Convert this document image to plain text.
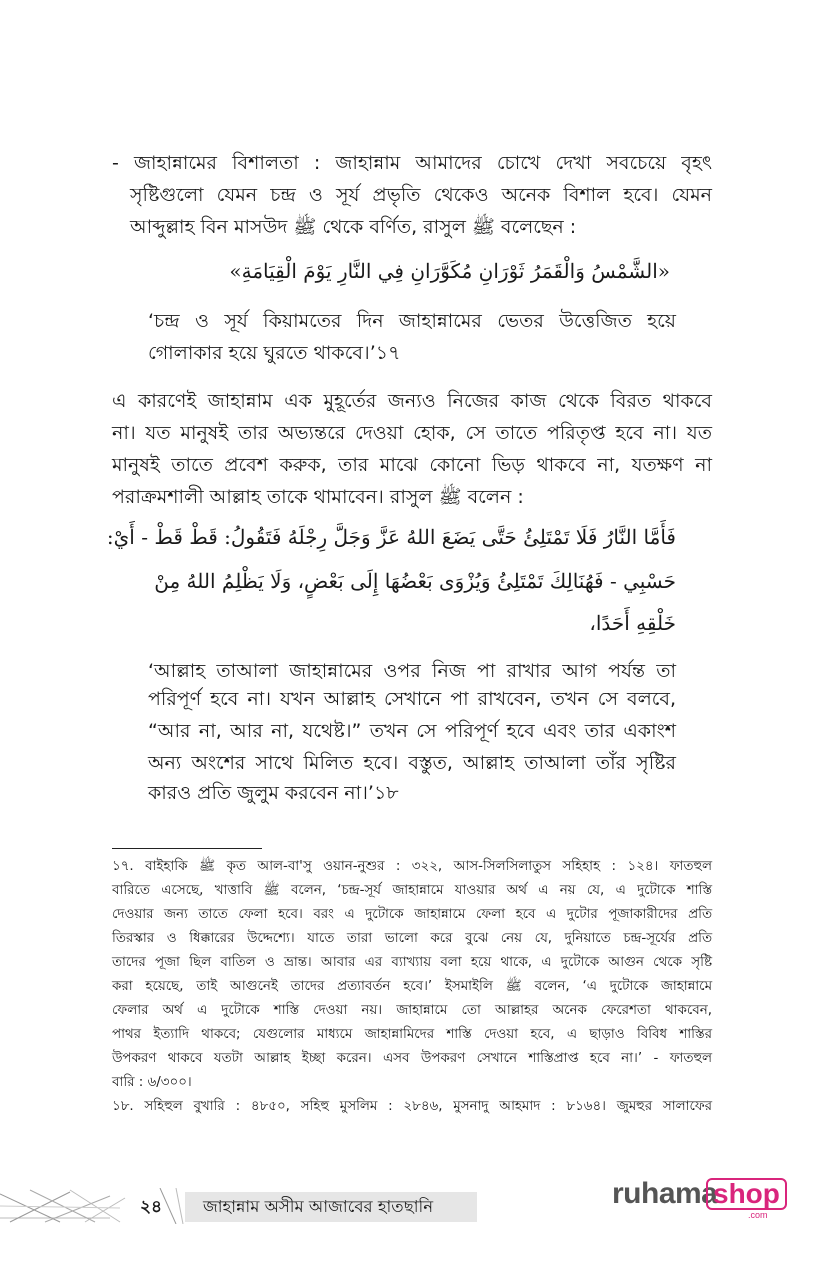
- জাহান্নামের বিশালতা : জাহান্নাম আমাদের চোখে দেখা সবচেয়ে বৃহৎ
সৃষ্টিগুলো যেমন চন্দ্র ও সূর্য প্রভৃতি থেকেও অনেক বিশাল হবে। যেমন
আব্দুল্লাহ বিন মাসউদ ﷺ থেকে বর্ণিত, রাসুল ﷺ বলেছেন :
«الشَّمْسُ وَالْقَمَرُ ثَوْرَانِ مُكَوَّرَانِ فِي النَّارِ يَوْمَ الْقِيَامَةِ»
‘চন্দ্র ও সূর্য কিয়ামতের দিন জাহান্নামের ভেতর উত্তেজিত হয়ে
গোলাকার হয়ে ঘুরতে থাকবে।’১৭
এ কারণেই জাহান্নাম এক মুহূর্তের জন্যও নিজের কাজ থেকে বিরত থাকবে
না। যত মানুষই তার অভ্যন্তরে দেওয়া হোক, সে তাতে পরিতৃপ্ত হবে না। যত
মানুষই তাতে প্রবেশ করুক, তার মাঝে কোনো ভিড় থাকবে না, যতক্ষণ না
পরাক্রমশালী আল্লাহ তাকে থামাবেন। রাসুল ﷺ বলেন :
فَأَمَّا النَّارُ فَلَا تَمْتَلِئُ حَتَّى يَضَعَ اللهُ عَزَّ وَجَلَّ رِجْلَهُ فَتَقُولُ: قَطْ قَطْ - أَيْ:
حَسْبِي - فَهُنَالِكَ تَمْتَلِئُ وَيُزْوَى بَعْضُهَا إِلَى بَعْضٍ، وَلَا يَظْلِمُ اللهُ مِنْ
خَلْقِهِ أَحَدًا،
‘আল্লাহ তাআলা জাহান্নামের ওপর নিজ পা রাখার আগ পর্যন্ত তা
পরিপূর্ণ হবে না। যখন আল্লাহ সেখানে পা রাখবেন, তখন সে বলবে,
“আর না, আর না, যথেষ্ট।” তখন সে পরিপূর্ণ হবে এবং তার একাংশ
অন্য অংশের সাথে মিলিত হবে। বস্তুত, আল্লাহ তাআলা তাঁর সৃষ্টির
কারও প্রতি জুলুম করবেন না।’১৮
১৭. বাইহাকি ﷺ কৃত আল-বা'সু ওয়ান-নুশুর : ৩২২, আস-সিলসিলাতুস সহিহাহ : ১২৪। ফাতহুল
বারিতে এসেছে, খাত্তাবি ﷺ বলেন, ‘চন্দ্র-সূর্য জাহান্নামে যাওয়ার অর্থ এ নয় যে, এ দুটোকে শাস্তি
দেওয়ার জন্য তাতে ফেলা হবে। বরং এ দুটোকে জাহান্নামে ফেলা হবে এ দুটোর পূজাকারীদের প্রতি
তিরস্কার ও ধিক্কারের উদ্দেশ্যে। যাতে তারা ভালো করে বুঝে নেয় যে, দুনিয়াতে চন্দ্র-সূর্যের প্রতি
তাদের পূজা ছিল বাতিল ও ভ্রান্ত। আবার এর ব্যাখ্যায় বলা হয়ে থাকে, এ দুটোকে আগুন থেকে সৃষ্টি
করা হয়েছে, তাই আগুনেই তাদের প্রত্যাবর্তন হবে।’ ইসমাইলি ﷺ বলেন, ‘এ দুটোকে জাহান্নামে
ফেলার অর্থ এ দুটোকে শাস্তি দেওয়া নয়। জাহান্নামে তো আল্লাহর অনেক ফেরেশতা থাকবেন,
পাথর ইত্যাদি থাকবে; যেগুলোর মাধ্যমে জাহান্নামিদের শাস্তি দেওয়া হবে, এ ছাড়াও বিবিধ শাস্তির
উপকরণ থাকবে যতটা আল্লাহ ইচ্ছা করেন। এসব উপকরণ সেখানে শাস্তিপ্রাপ্ত হবে না।’ - ফাতহুল
বারি : ৬/৩০০।
১৮. সহিহুল বুখারি : ৪৮৫০, সহিহু মুসলিম : ২৮৪৬, মুসনাদু আহমাদ : ৮১৬৪। জুমহুর সালাফের
২৪ জাহান্নাম অসীম আজাবের হাতছানি	ruhama
shop
.com
